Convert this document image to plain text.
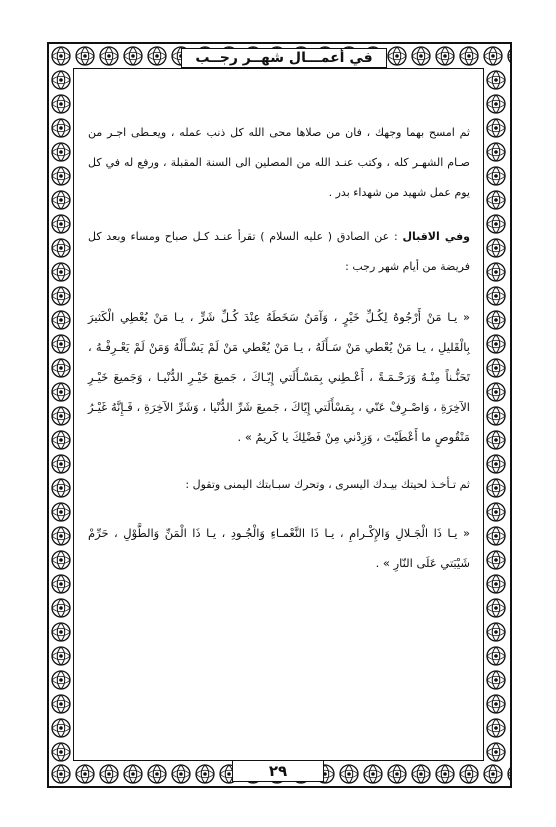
في أعمـــال شهــر رجــب

ثم امسح بهما وجهك ، فان من صلاها محى الله كل ذنب عمله ، ويعـطى اجـر من صـام الشهـر كله ، وكتب عنـد الله من المصلين الى السنة المقبلة ، ورفع له في كل يوم عمل شهيد من شهداء بدر .

وفي الاقبال : عن الصادق ( عليه السلام ) تقرأ عنـد كـل صباح ومساء وبعد كل فريضة من أيام شهر رجب :

« يـا مَنْ أَرْجُوهُ لِكُـلِّ خَيْرٍ ، وَآمَنُ سَخَطَهُ عِنْدَ كُـلِّ شَرٍّ ، يـا مَنْ يُعْطِي الْكَثيرَ بِالْقَليلِ ، يـا مَنْ يُعْطي مَنْ سَـأَلَهُ ، يـا مَنْ يُعْطي مَنْ لَمْ يَسْـأَلْهُ وَمَنْ لَمْ يَعْـرِفْـهُ ، تَحَنُّـناً مِنْـهُ وَرَحْـمَـةً ، أَعْـطِني بِمَسْـأَلَتي إِيّـاكَ ، جَميعَ خَيْـرِ الدُّنْيـا ، وَجَميعَ خَيْـرِ الآخِرَةِ ، وَاصْـرِفْ عَنّي ، بِمَسْأَلَتي إِيّاكَ ، جَميعَ شَرِّ الدُّنْيا ، وَشَرِّ الآخِرَةِ ، فَـإِنَّهُ غَيْـرُ مَنْقُوصٍ ما أَعْطَيْتَ ، وَزِدْني مِنْ فَضْلِكَ يا كَريمُ » .

ثم تـأخـذ لحيتك بيـدك اليسرى ، وتحرك سبـابتك اليمنى وتقول :

« يـا ذَا الْجَـلالِ وَالإِكْـرامِ ، يـا ذَا النَّعْمـاءِ وَالْجُـودِ ، يـا ذَا الْمَنِّ وَالطَّوْلِ ، حَرِّمْ شَيْبَتي عَلَى النّارِ » .

٢٩
